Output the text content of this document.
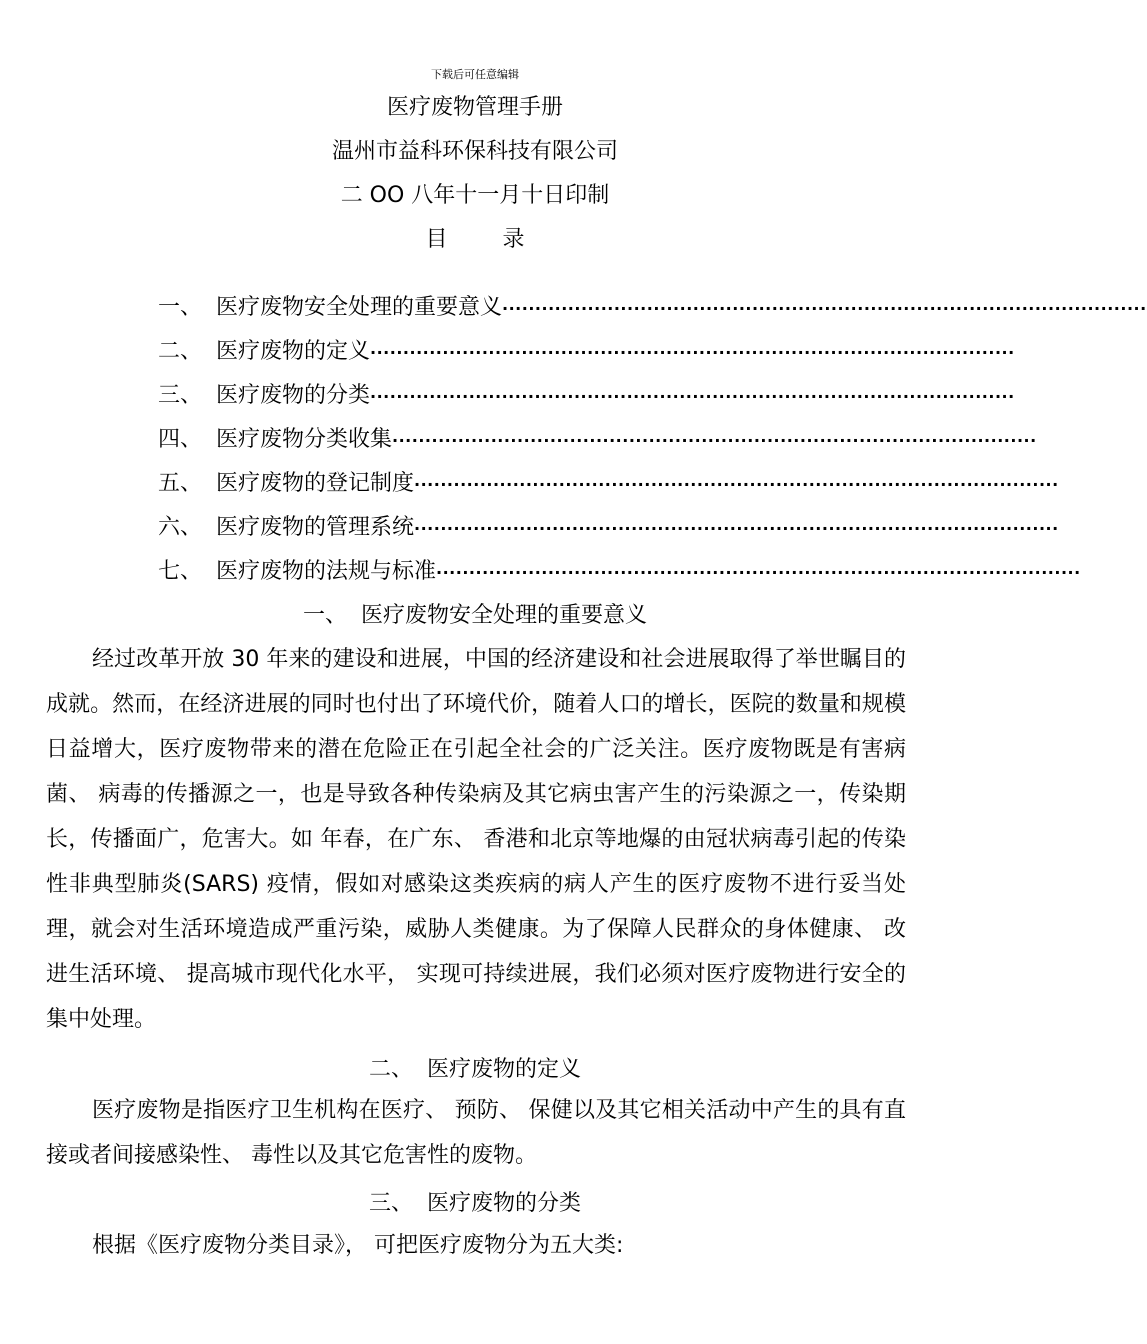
下载后可任意编辑
医疗废物管理手册
温州市益科环保科技有限公司
二 OO 八年十一月十日印制
目 录
一、 医疗废物安全处理的重要意义 ··································································································
二、 医疗废物的定义 ··································································································
三、 医疗废物的分类 ··································································································
四、 医疗废物分类收集 ··································································································
五、 医疗废物的登记制度 ··································································································
六、 医疗废物的管理系统 ··································································································
七、 医疗废物的法规与标准 ··································································································
一、 医疗废物安全处理的重要意义

经过改革开放 30 年来的建设和进展，中国的经济建设和社会进展取得了举世瞩目的成就。然而，在经济进展的同时也付出了环境代价，随着人口的增长，医院的数量和规模日益增大，医疗废物带来的潜在危险正在引起全社会的广泛关注。医疗废物既是有害病菌、 病毒的传播源之一，也是导致各种传染病及其它病虫害产生的污染源之一，传染期长，传播面广，危害大。如 年春，在广东、 香港和北京等地爆的由冠状病毒引起的传染性非典型肺炎(SARS) 疫情，假如对感染这类疾病的病人产生的医疗废物不进行妥当处理，就会对生活环境造成严重污染，威胁人类健康。为了保障人民群众的身体健康、 改进生活环境、 提高城市现代化水平， 实现可持续进展，我们必须对医疗废物进行安全的集中处理。

二、 医疗废物的定义

医疗废物是指医疗卫生机构在医疗、 预防、 保健以及其它相关活动中产生的具有直接或者间接感染性、 毒性以及其它危害性的废物。

三、 医疗废物的分类

根据《医疗废物分类目录》， 可把医疗废物分为五大类:
